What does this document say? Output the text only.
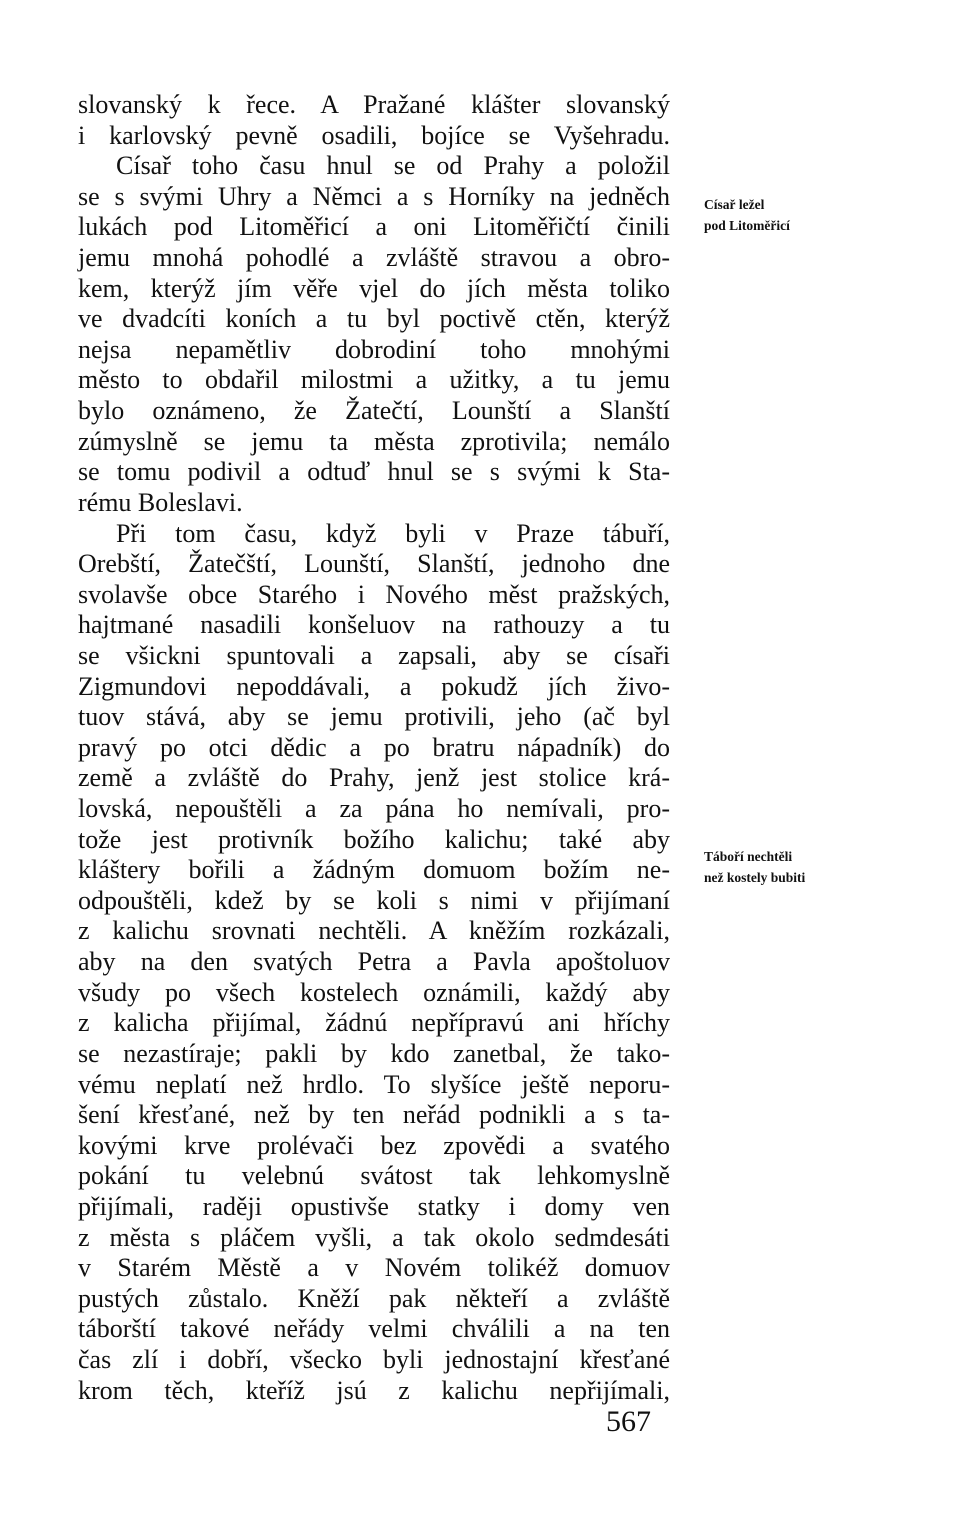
slovanský k řece. A Pražané klášter slovanský
i karlovský pevně osadili, bojíce se Vyšehradu.
Císař toho času hnul se od Prahy a položil
se s svými Uhry a Němci a s Horníky na jedněch
lukách pod Litoměřicí a oni Litoměřičtí činili
jemu mnohá pohodlé a zvláště stravou a obro-
kem, kterýž jím věře vjel do jích města toliko
ve dvadcíti koních a tu byl poctivě ctěn, kterýž
nejsa nepamětliv dobrodiní toho mnohými
město to obdařil milostmi a užitky, a tu jemu
bylo oznámeno, že Žatečtí, Lounští a Slanští
zúmyslně se jemu ta města zprotivila; nemálo
se tomu podivil a odtuď hnul se s svými k Sta-
rému Boleslavi.
Při tom času, když byli v Praze tábuří,
Orebští, Žatečští, Lounští, Slanští, jednoho dne
svolavše obce Starého i Nového měst pražských,
hajtmané nasadili konšeluov na rathouzy a tu
se všickni spuntovali a zapsali, aby se císaři
Zigmundovi nepoddávali, a pokudž jích živo-
tuov stává, aby se jemu protivili, jeho (ač byl
pravý po otci dědic a po bratru nápadník) do
země a zvláště do Prahy, jenž jest stolice krá-
lovská, nepouštěli a za pána ho nemívali, pro-
tože jest protivník božího kalichu; také aby
kláštery bořili a žádným domuom božím ne-
odpouštěli, kdež by se koli s nimi v přijímaní
z kalichu srovnati nechtěli. A kněžím rozkázali,
aby na den svatých Petra a Pavla apoštoluov
všudy po všech kostelech oznámili, každý aby
z kalicha přijímal, žádnú nepřípravú ani hříchy
se nezastíraje; pakli by kdo zanetbal, že tako-
vému neplatí než hrdlo. To slyšíce ještě neporu-
šení křesťané, než by ten neřád podnikli a s ta-
kovými krve prolévači bez zpovědi a svatého
pokání tu velebnú svátost tak lehkomyslně
přijímali, raději opustivše statky i domy ven
z města s pláčem vyšli, a tak okolo sedmdesáti
v Starém Městě a v Novém tolikéž domuov
pustých zůstalo. Kněží pak někteří a zvláště
táborští takové neřády velmi chválili a na ten
čas zlí i dobří, všecko byli jednostajní křesťané
krom těch, kteříž jsú z kalichu nepřijímali,
Císař ležel
pod Litoměřicí
Táboří nechtěli
než kostely bubiti
567
